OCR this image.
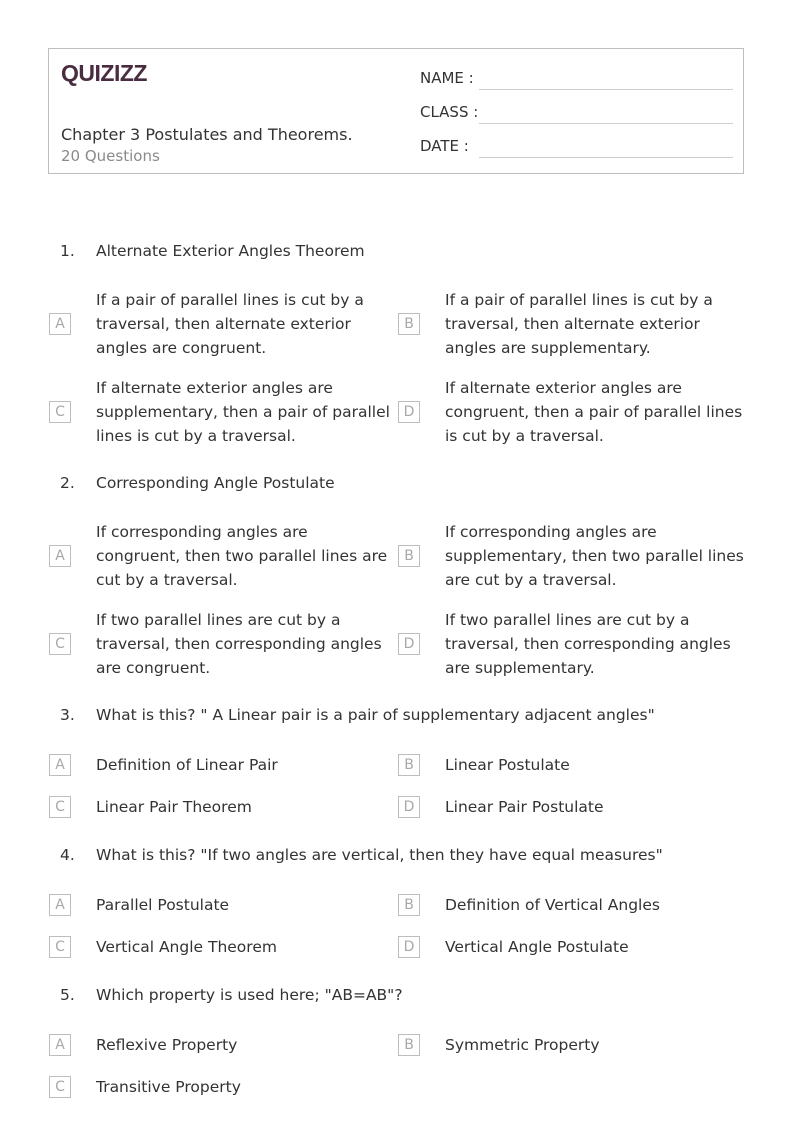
QUIZIZZ
Chapter 3 Postulates and Theorems.
20 Questions
NAME :
CLASS :
DATE :
1. Alternate Exterior Angles Theorem
A
If a pair of parallel lines is cut by a traversal, then alternate exterior angles are congruent.
B
If a pair of parallel lines is cut by a traversal, then alternate exterior angles are supplementary.
C
If alternate exterior angles are supplementary, then a pair of parallel lines is cut by a traversal.
D
If alternate exterior angles are congruent, then a pair of parallel lines is cut by a traversal.
2. Corresponding Angle Postulate
A
If corresponding angles are congruent, then two parallel lines are cut by a traversal.
B
If corresponding angles are supplementary, then two parallel lines are cut by a traversal.
C
If two parallel lines are cut by a traversal, then corresponding angles are congruent.
D
If two parallel lines are cut by a traversal, then corresponding angles are supplementary.
3. What is this? " A Linear pair is a pair of supplementary adjacent angles"
A	Definition of Linear Pair	B	Linear Postulate
C	Linear Pair Theorem	D	Linear Pair Postulate
4. What is this? "If two angles are vertical, then they have equal measures"
A	Parallel Postulate	B	Definition of Vertical Angles
C	Vertical Angle Theorem	D	Vertical Angle Postulate
5. Which property is used here; "AB=AB"?
A	Reflexive Property	B	Symmetric Property
C	Transitive Property
